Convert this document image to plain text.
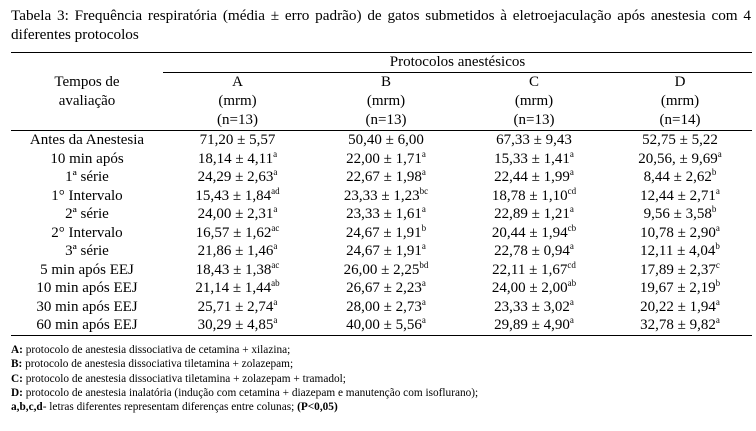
Tabela 3: Frequência respiratória (média ± erro padrão) de gatos submetidos à eletroejaculação após anestesia com 4 diferentes protocolos
	Protocolos anestésicos			
Tempos de	A	B	C	D
avaliação	(mrm)	(mrm)	(mrm)	(mrm)
	(n=13)	(n=13)	(n=13)	(n=14)
Antes da Anestesia	71,20 ± 5,57	50,40 ± 6,00	67,33 ± 9,43	52,75 ± 5,22
10 min após	18,14 ± 4,11$^a$	22,00 ± 1,71$^a$	15,33 ± 1,41$^a$	20,56, ± 9,69$^a$
1ª série	24,29 ± 2,63$^a$	22,67 ± 1,98$^a$	22,44 ± 1,99$^a$	8,44 ± 2,62$^b$
1° Intervalo	15,43 ± 1,84$^{ad}$	23,33 ± 1,23$^{bc}$	18,78 ± 1,10$^{cd}$	12,44 ± 2,71$^a$
2ª série	24,00 ± 2,31$^a$	23,33 ± 1,61$^a$	22,89 ± 1,21$^a$	9,56 ± 3,58$^b$
2° Intervalo	16,57 ± 1,62$^{ac}$	24,67 ± 1,91$^b$	20,44 ± 1,94$^{cb}$	10,78 ± 2,90$^a$
3ª série	21,86 ± 1,46$^a$	24,67 ± 1,91$^a$	22,78 ± 0,94$^a$	12,11 ± 4,04$^b$
5 min após EEJ	18,43 ± 1,38$^{ac}$	26,00 ± 2,25$^{bd}$	22,11 ± 1,67$^{cd}$	17,89 ± 2,37$^c$
10 min após EEJ	21,14 ± 1,44$^{ab}$	26,67 ± 2,23$^a$	24,00 ± 2,00$^{ab}$	19,67 ± 2,19$^b$
30 min após EEJ	25,71 ± 2,74$^a$	28,00 ± 2,73$^a$	23,33 ± 3,02$^a$	20,22 ± 1,94$^a$
60 min após EEJ	30,29 ± 4,85$^a$	40,00 ± 5,56$^a$	29,89 ± 4,90$^a$	32,78 ± 9,82$^a$
A: protocolo de anestesia dissociativa de cetamina + xilazina;
B: protocolo de anestesia dissociativa tiletamina + zolazepam;
C: protocolo de anestesia dissociativa tiletamina + zolazepam + tramadol;
D: protocolo de anestesia inalatória (indução com cetamina + diazepam e manutenção com isoflurano);
a,b,c,d- letras diferentes representam diferenças entre colunas; (P<0,05)
